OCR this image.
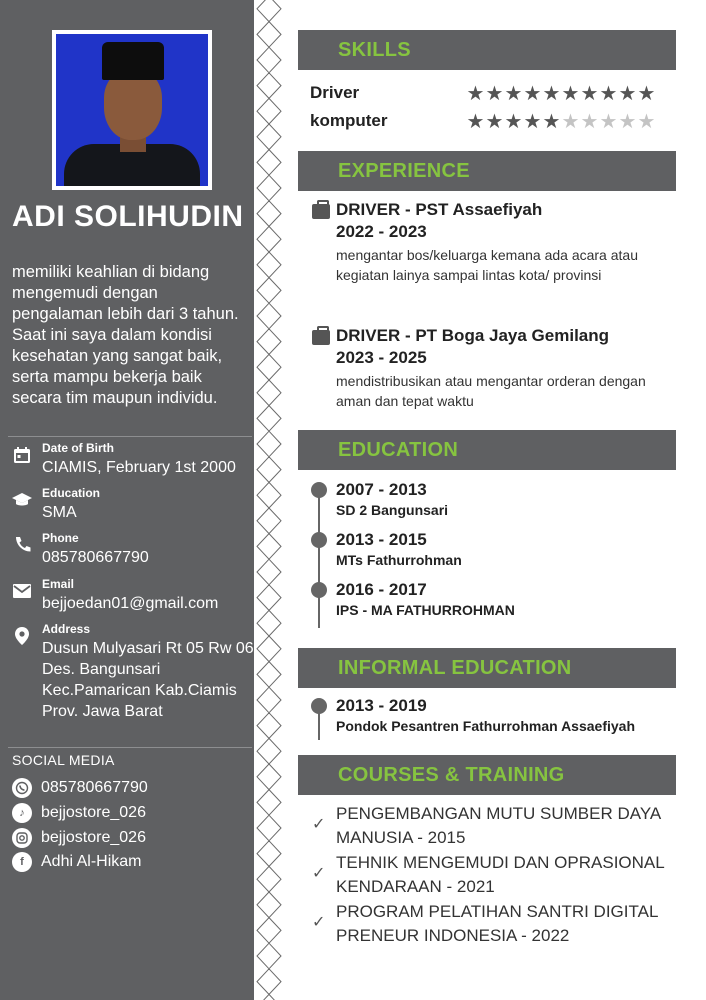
ADI SOLIHUDIN
memiliki keahlian di bidang mengemudi dengan pengalaman lebih dari 3 tahun. Saat ini saya dalam kondisi kesehatan yang sangat baik, serta mampu bekerja baik secara tim maupun individu.
Date of Birth
CIAMIS, February 1st 2000
Education
SMA
Phone
085780667790
Email
bejjoedan01@gmail.com
Address
Dusun Mulyasari Rt 05 Rw 06 Des. Bangunsari Kec.Pamarican Kab.Ciamis Prov. Jawa Barat
SOCIAL MEDIA
085780667790
♪	bejjostore_026
bejjostore_026
f	Adhi Al-Hikam
SKILLS
Driver	★ ★ ★ ★ ★ ★ ★ ★ ★ ★
komputer	★ ★ ★ ★ ★ ★ ★ ★ ★ ★
EXPERIENCE
DRIVER - PST Assaefiyah
2022 - 2023
mengantar bos/keluarga kemana ada acara atau kegiatan lainya sampai lintas kota/ provinsi
DRIVER - PT Boga Jaya Gemilang
2023 - 2025
mendistribusikan atau mengantar orderan dengan aman dan tepat waktu
EDUCATION
2007 - 2013
SD 2 Bangunsari
2013 - 2015
MTs Fathurrohman
2016 - 2017
IPS - MA FATHURROHMAN
INFORMAL EDUCATION
2013 - 2019
Pondok Pesantren Fathurrohman Assaefiyah
COURSES & TRAINING
✓
PENGEMBANGAN MUTU SUMBER DAYA MANUSIA - 2015
✓
TEHNIK MENGEMUDI DAN OPRASIONAL KENDARAAN - 2021
✓
PROGRAM PELATIHAN SANTRI DIGITAL PRENEUR INDONESIA - 2022
